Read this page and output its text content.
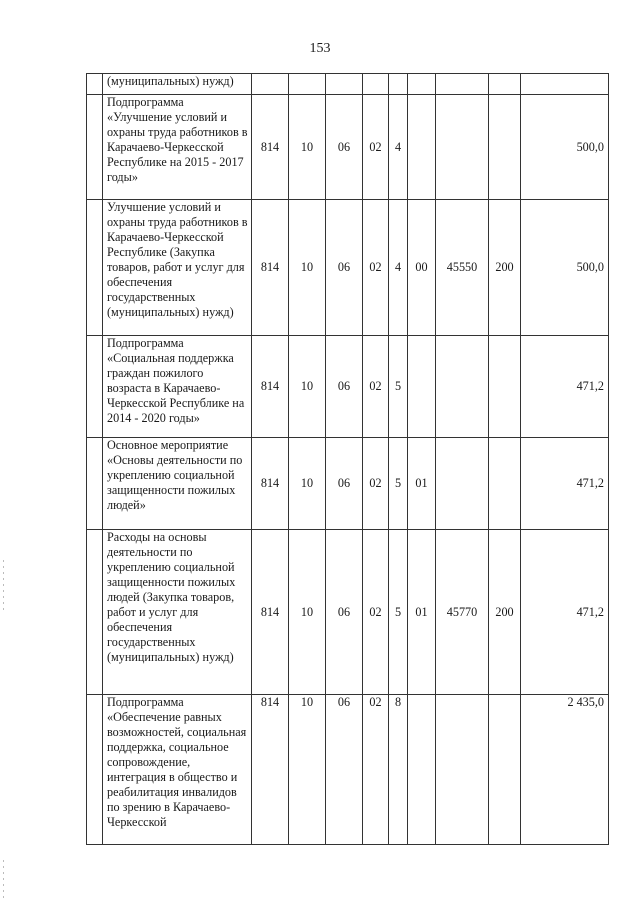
153
	(муниципальных) нужд)									
	Подпрограмма «Улучшение условий и охраны труда работников в Карачаево-Черкесской Республике на 2015 - 2017 годы»	814	10	06	02	4				500,0
	Улучшение условий и охраны труда работников в Карачаево-Черкесской Республике (Закупка товаров, работ и услуг для обеспечения государственных (муниципальных) нужд)	814	10	06	02	4	00	45550	200	500,0
	Подпрограмма «Социальная поддержка граждан пожилого возраста в Карачаево-Черкесской Республике на 2014 - 2020 годы»	814	10	06	02	5				471,2
	Основное мероприятие «Основы деятельности по укреплению социальной защищенности пожилых людей»	814	10	06	02	5	01			471,2
	Расходы на основы деятельности по укреплению социальной защищенности пожилых людей (Закупка товаров, работ и услуг для обеспечения государственных (муниципальных) нужд)	814	10	06	02	5	01	45770	200	471,2
	Подпрограмма «Обеспечение равных возможностей, социальная поддержка, социальное сопровождение, интеграция в общество и реабилитация инвалидов по зрению в Карачаево-Черкесской	814	10	06	02	8				2 435,0
